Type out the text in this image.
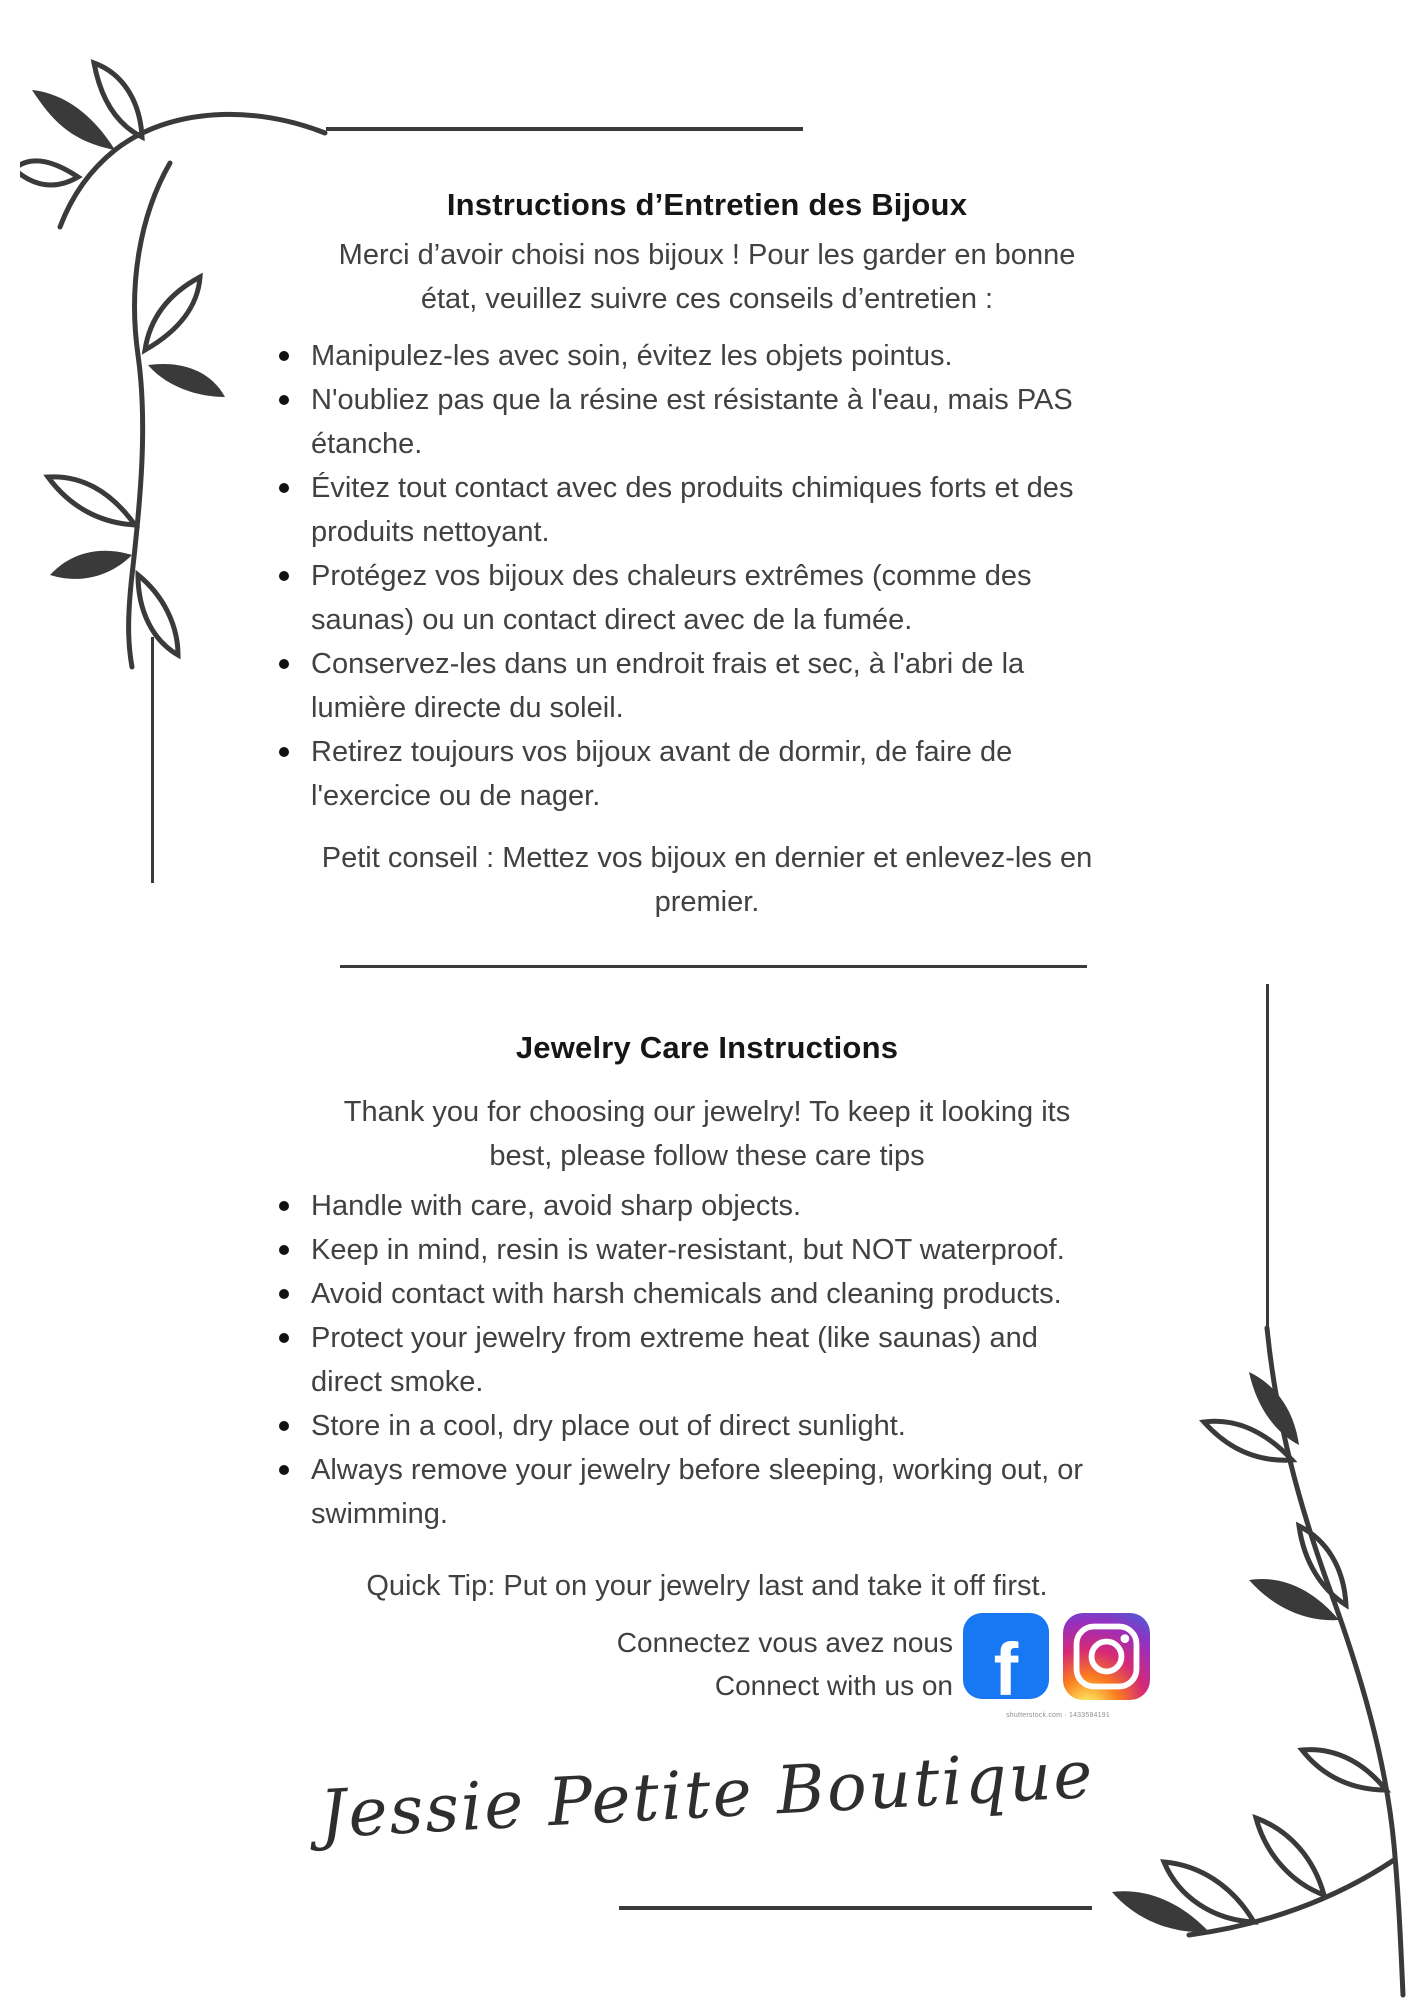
Instructions d’Entretien des Bijoux
Merci d’avoir choisi nos bijoux ! Pour les garder en bonne
état, veuillez suivre ces conseils d’entretien :
Manipulez-les avec soin, évitez les objets pointus.
N'oubliez pas que la résine est résistante à l'eau, mais PAS
étanche.
Évitez tout contact avec des produits chimiques forts et des
produits nettoyant.
Protégez vos bijoux des chaleurs extrêmes (comme des
saunas) ou un contact direct avec de la fumée.
Conservez-les dans un endroit frais et sec, à l'abri de la
lumière directe du soleil.
Retirez toujours vos bijoux avant de dormir, de faire de
l'exercice ou de nager.
Petit conseil : Mettez vos bijoux en dernier et enlevez-les en
premier.
Jewelry Care Instructions
Thank you for choosing our jewelry! To keep it looking its
best, please follow these care tips
Handle with care, avoid sharp objects.
Keep in mind, resin is water-resistant, but NOT waterproof.
Avoid contact with harsh chemicals and cleaning products.
Protect your jewelry from extreme heat (like saunas) and
direct smoke.
Store in a cool, dry place out of direct sunlight.
Always remove your jewelry before sleeping, working out, or
swimming.
Quick Tip: Put on your jewelry last and take it off first.
Connectez vous avez nous
Connect with us on f
shutterstock.com · 1433584191
Jessie Petite Boutique
